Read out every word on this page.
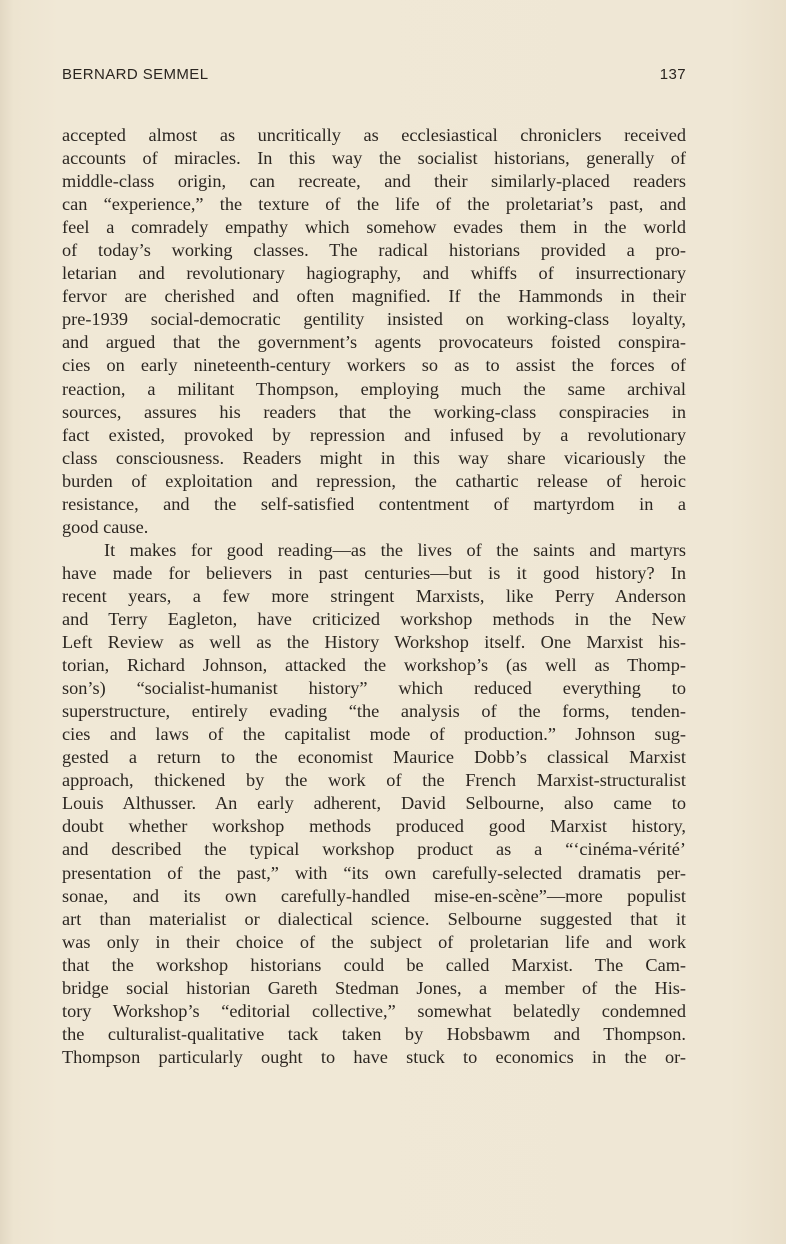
BERNARD SEMMEL	137
accepted almost as uncritically as ecclesiastical chroniclers received
accounts of miracles. In this way the socialist historians, generally of
middle-class origin, can recreate, and their similarly-placed readers
can “experience,” the texture of the life of the proletariat’s past, and
feel a comradely empathy which somehow evades them in the world
of today’s working classes. The radical historians provided a pro-
letarian and revolutionary hagiography, and whiffs of insurrectionary
fervor are cherished and often magnified. If the Hammonds in their
pre-1939 social-democratic gentility insisted on working-class loyalty,
and argued that the government’s agents provocateurs foisted conspira-
cies on early nineteenth-century workers so as to assist the forces of
reaction, a militant Thompson, employing much the same archival
sources, assures his readers that the working-class conspiracies in
fact existed, provoked by repression and infused by a revolutionary
class consciousness. Readers might in this way share vicariously the
burden of exploitation and repression, the cathartic release of heroic
resistance, and the self-satisfied contentment of martyrdom in a
good cause.
It makes for good reading—as the lives of the saints and martyrs
have made for believers in past centuries—but is it good history? In
recent years, a few more stringent Marxists, like Perry Anderson
and Terry Eagleton, have criticized workshop methods in the New
Left Review as well as the History Workshop itself. One Marxist his-
torian, Richard Johnson, attacked the workshop’s (as well as Thomp-
son’s) “socialist-humanist history” which reduced everything to
superstructure, entirely evading “the analysis of the forms, tenden-
cies and laws of the capitalist mode of production.” Johnson sug-
gested a return to the economist Maurice Dobb’s classical Marxist
approach, thickened by the work of the French Marxist-structuralist
Louis Althusser. An early adherent, David Selbourne, also came to
doubt whether workshop methods produced good Marxist history,
and described the typical workshop product as a “‘cinéma-vérité’
presentation of the past,” with “its own carefully-selected dramatis per-
sonae, and its own carefully-handled mise-en-scène”—more populist
art than materialist or dialectical science. Selbourne suggested that it
was only in their choice of the subject of proletarian life and work
that the workshop historians could be called Marxist. The Cam-
bridge social historian Gareth Stedman Jones, a member of the His-
tory Workshop’s “editorial collective,” somewhat belatedly condemned
the culturalist-qualitative tack taken by Hobsbawm and Thompson.
Thompson particularly ought to have stuck to economics in the or-
